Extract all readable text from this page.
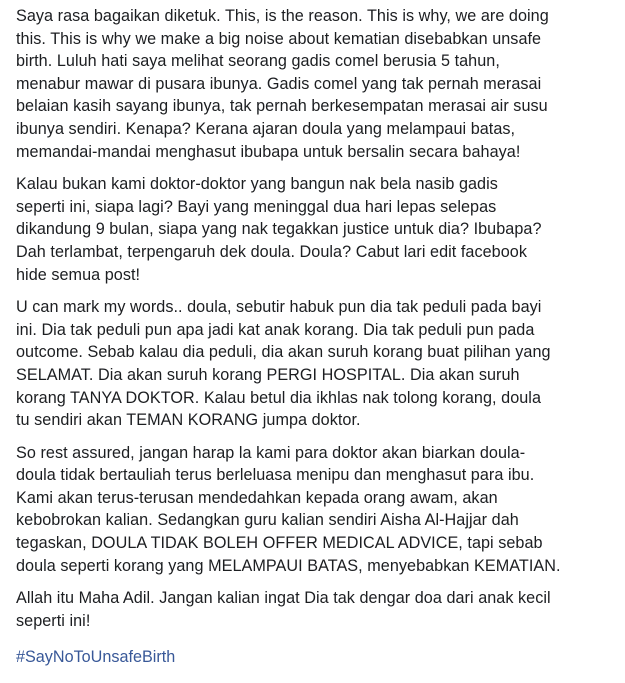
Saya rasa bagaikan diketuk. This, is the reason. This is why, we are doing
this. This is why we make a big noise about kematian disebabkan unsafe
birth. Luluh hati saya melihat seorang gadis comel berusia 5 tahun,
menabur mawar di pusara ibunya. Gadis comel yang tak pernah merasai
belaian kasih sayang ibunya, tak pernah berkesempatan merasai air susu
ibunya sendiri. Kenapa? Kerana ajaran doula yang melampaui batas,
memandai-mandai menghasut ibubapa untuk bersalin secara bahaya!

Kalau bukan kami doktor-doktor yang bangun nak bela nasib gadis
seperti ini, siapa lagi? Bayi yang meninggal dua hari lepas selepas
dikandung 9 bulan, siapa yang nak tegakkan justice untuk dia? Ibubapa?
Dah terlambat, terpengaruh dek doula. Doula? Cabut lari edit facebook
hide semua post!

U can mark my words.. doula, sebutir habuk pun dia tak peduli pada bayi
ini. Dia tak peduli pun apa jadi kat anak korang. Dia tak peduli pun pada
outcome. Sebab kalau dia peduli, dia akan suruh korang buat pilihan yang
SELAMAT. Dia akan suruh korang PERGI HOSPITAL. Dia akan suruh
korang TANYA DOKTOR. Kalau betul dia ikhlas nak tolong korang, doula
tu sendiri akan TEMAN KORANG jumpa doktor.

So rest assured, jangan harap la kami para doktor akan biarkan doula-
doula tidak bertauliah terus berleluasa menipu dan menghasut para ibu.
Kami akan terus-terusan mendedahkan kepada orang awam, akan
kebobrokan kalian. Sedangkan guru kalian sendiri Aisha Al-Hajjar dah
tegaskan, DOULA TIDAK BOLEH OFFER MEDICAL ADVICE, tapi sebab
doula seperti korang yang MELAMPAUI BATAS, menyebabkan KEMATIAN.

Allah itu Maha Adil. Jangan kalian ingat Dia tak dengar doa dari anak kecil
seperti ini!

#SayNoToUnsafeBirth
